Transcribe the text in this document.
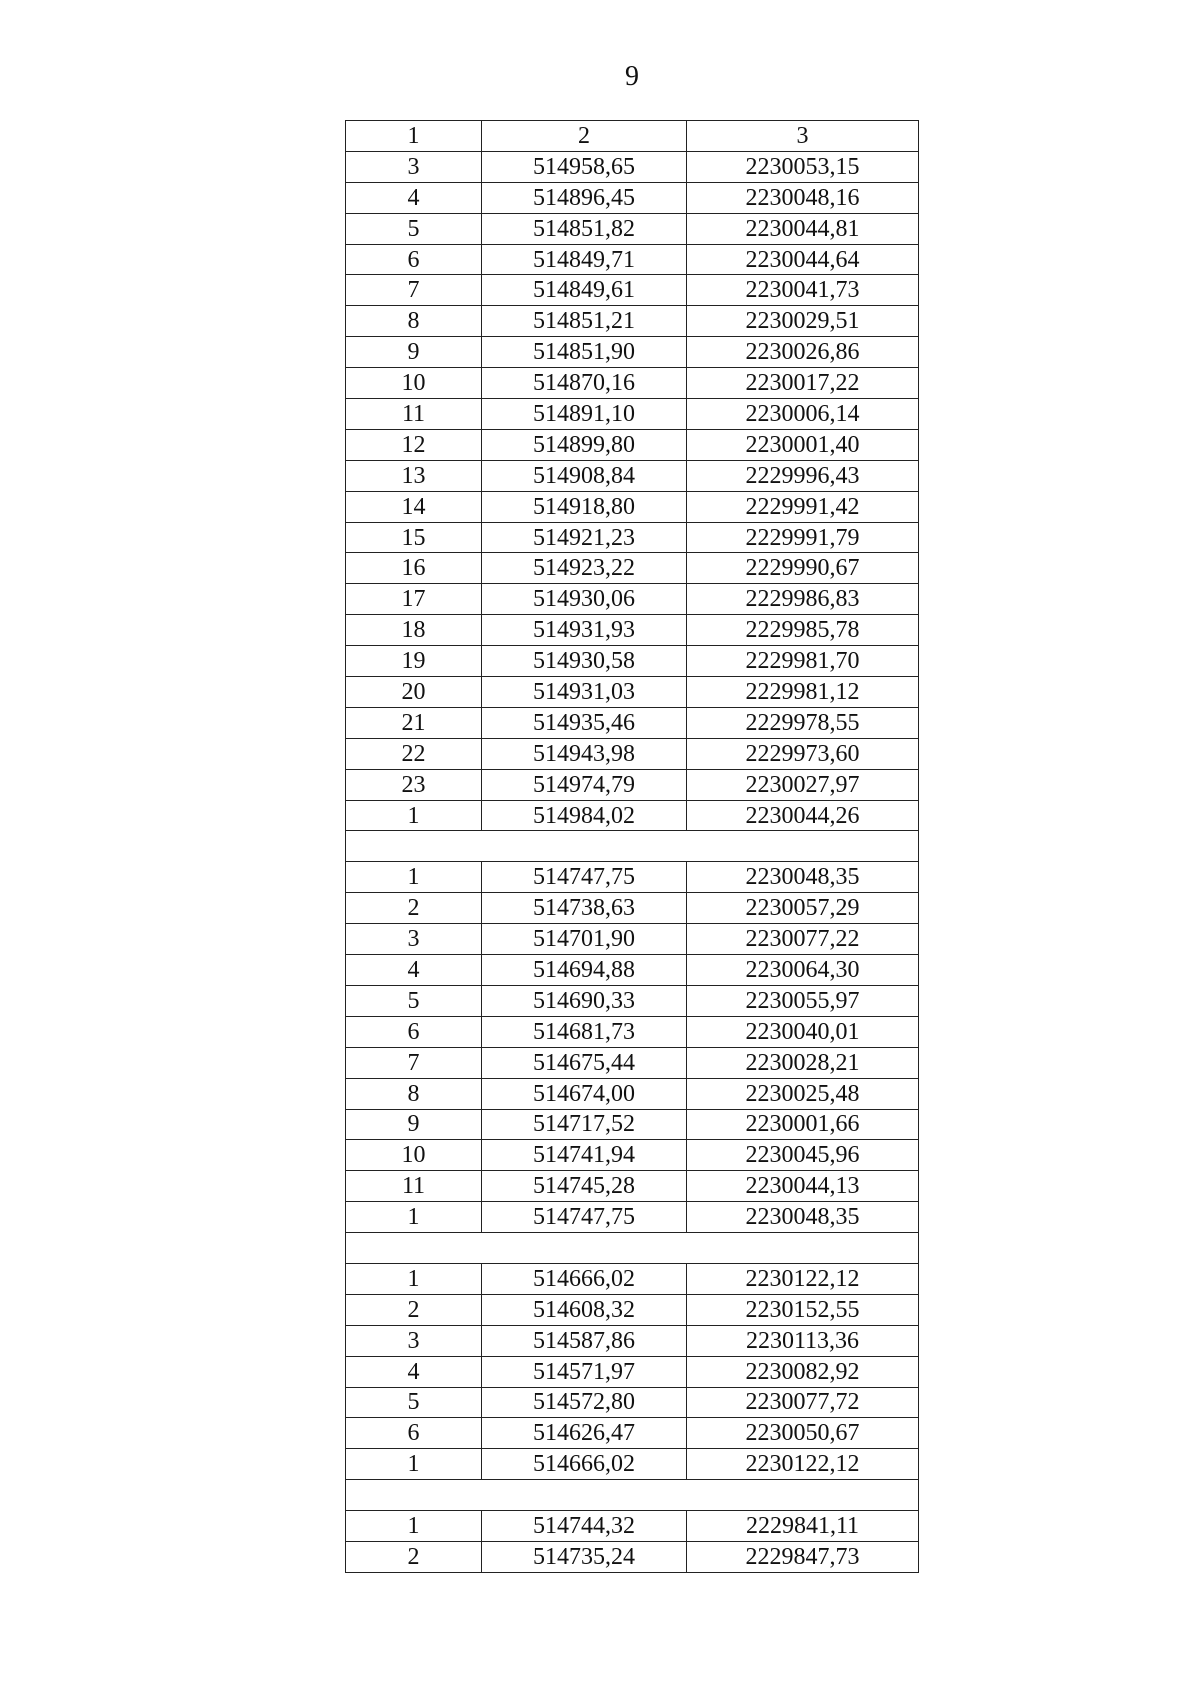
9
1	2	3
3	514958,65	2230053,15
4	514896,45	2230048,16
5	514851,82	2230044,81
6	514849,71	2230044,64
7	514849,61	2230041,73
8	514851,21	2230029,51
9	514851,90	2230026,86
10	514870,16	2230017,22
11	514891,10	2230006,14
12	514899,80	2230001,40
13	514908,84	2229996,43
14	514918,80	2229991,42
15	514921,23	2229991,79
16	514923,22	2229990,67
17	514930,06	2229986,83
18	514931,93	2229985,78
19	514930,58	2229981,70
20	514931,03	2229981,12
21	514935,46	2229978,55
22	514943,98	2229973,60
23	514974,79	2230027,97
1	514984,02	2230044,26

1	514747,75	2230048,35
2	514738,63	2230057,29
3	514701,90	2230077,22
4	514694,88	2230064,30
5	514690,33	2230055,97
6	514681,73	2230040,01
7	514675,44	2230028,21
8	514674,00	2230025,48
9	514717,52	2230001,66
10	514741,94	2230045,96
11	514745,28	2230044,13
1	514747,75	2230048,35

1	514666,02	2230122,12
2	514608,32	2230152,55
3	514587,86	2230113,36
4	514571,97	2230082,92
5	514572,80	2230077,72
6	514626,47	2230050,67
1	514666,02	2230122,12

1	514744,32	2229841,11
2	514735,24	2229847,73
